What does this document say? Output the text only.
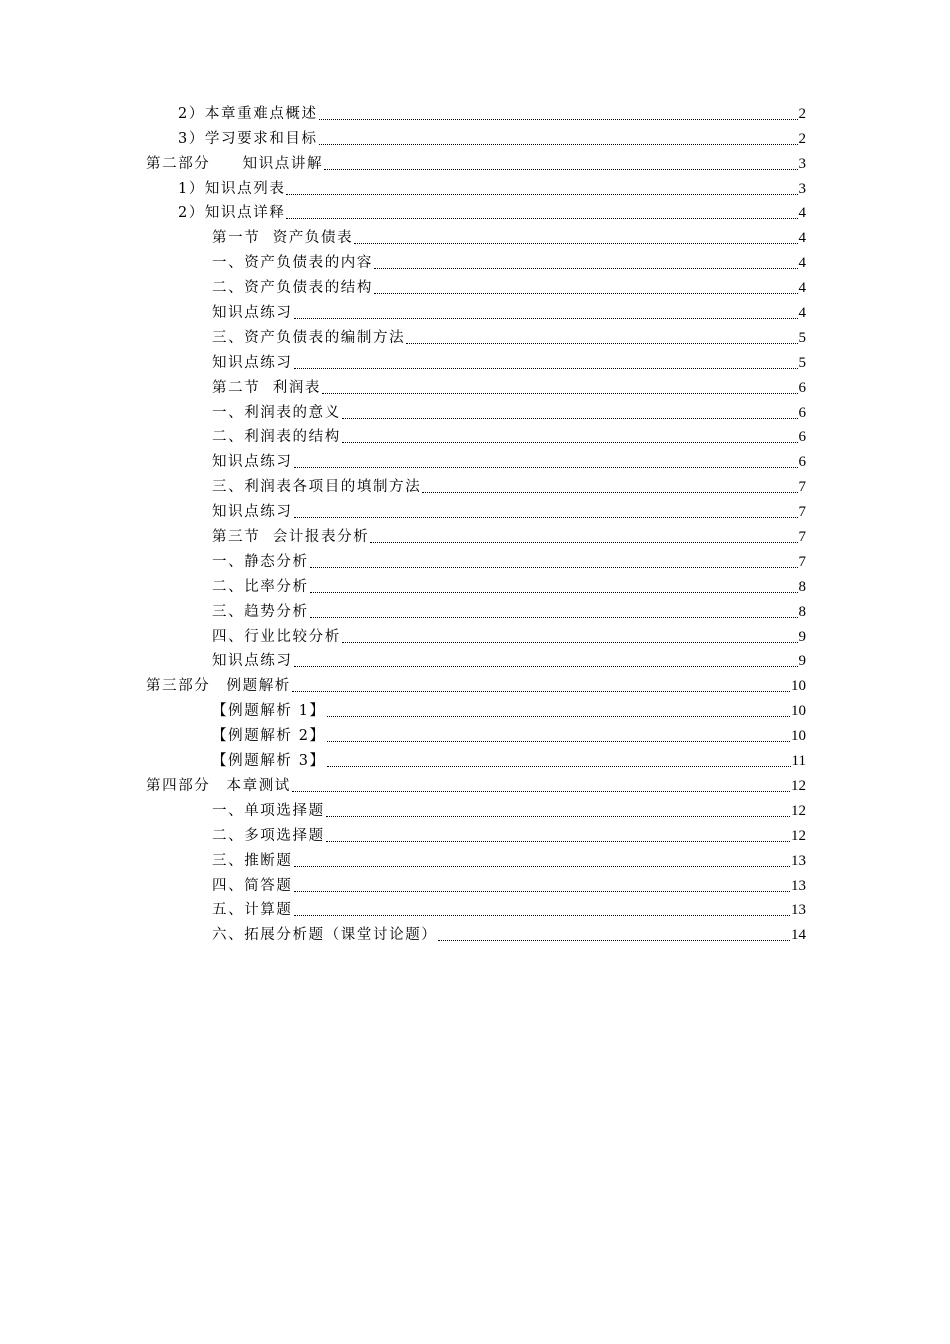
2）本章重难点概述	2
3）学习要求和目标	2
第二部分　　知识点讲解	3
1）知识点列表	3
2）知识点详释	4
第一节  资产负债表	4
一、资产负债表的内容	4
二、资产负债表的结构	4
知识点练习	4
三、资产负债表的编制方法	5
知识点练习	5
第二节  利润表	6
一、利润表的意义	6
二、利润表的结构	6
知识点练习	6
三、利润表各项目的填制方法	7
知识点练习	7
第三节  会计报表分析	7
一、静态分析	7
二、比率分析	8
三、趋势分析	8
四、行业比较分析	9
知识点练习	9
第三部分　例题解析	10
【例题解析 1】	10
【例题解析 2】	10
【例题解析 3】	11
第四部分　本章测试	12
一、单项选择题	12
二、多项选择题	12
三、推断题	13
四、简答题	13
五、计算题	13
六、拓展分析题（课堂讨论题）	14
